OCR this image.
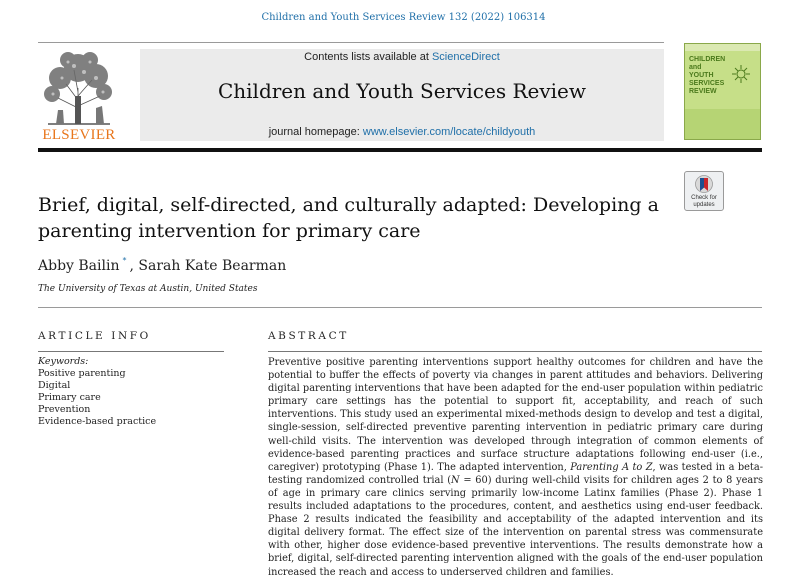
Children and Youth Services Review 132 (2022) 106314
ELSEVIER
Contents lists available at ScienceDirect
Children and Youth Services Review
journal homepage: www.elsevier.com/locate/childyouth
CHILDREN
and
YOUTH
SERVICES
REVIEW
Check for
updates
Brief, digital, self-directed, and culturally adapted: Developing a parenting intervention for primary care
Abby Bailin * , Sarah Kate Bearman
The University of Texas at Austin, United States
ARTICLE INFO
Keywords:
Positive parenting
Digital
Primary care
Prevention
Evidence-based practice
ABSTRACT

Preventive positive parenting interventions support healthy outcomes for children and have the potential to buffer the effects of poverty via changes in parent attitudes and behaviors. Delivering digital parenting interventions that have been adapted for the end-user population within pediatric primary care settings has the potential to support fit, acceptability, and reach of such interventions. This study used an experimental mixed-methods design to develop and test a digital, single-session, self-directed preventive parenting intervention in pediatric primary care during well-child visits. The intervention was developed through integration of common elements of evidence-based parenting practices and surface structure adaptations following end-user (i.e., caregiver) prototyping (Phase 1). The adapted intervention, Parenting A to Z, was tested in a beta-testing randomized controlled trial (N = 60) during well-child visits for children ages 2 to 8 years of age in primary care clinics serving primarily low-income Latinx families (Phase 2). Phase 1 results included adaptations to the procedures, content, and aesthetics using end-user feedback. Phase 2 results indicated the feasibility and acceptability of the adapted intervention and its digital delivery format. The effect size of the intervention on parental stress was commensurate with other, higher dose evidence-based preventive interventions. The results demonstrate how a brief, digital, self-directed parenting intervention aligned with the goals of the end-user population increased the reach and access to underserved children and families.
